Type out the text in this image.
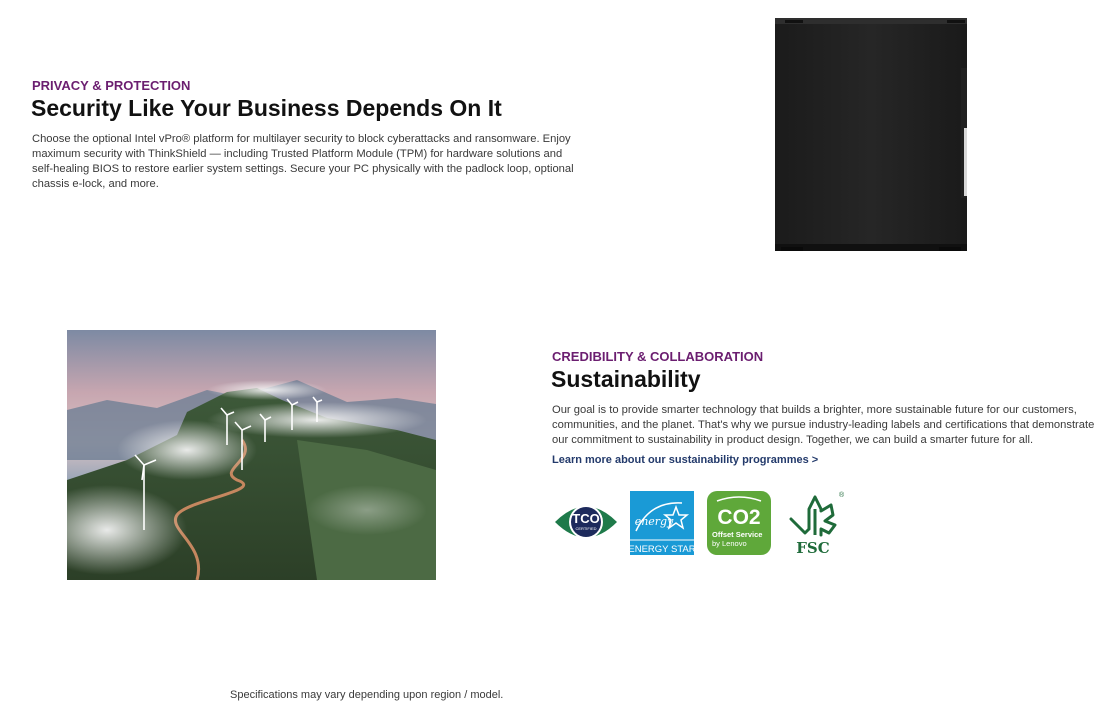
PRIVACY & PROTECTION
Security Like Your Business Depends On It

Choose the optional Intel vPro® platform for multilayer security to block cyberattacks and ransomware. Enjoy maximum security with ThinkShield — including Trusted Platform Module (TPM) for hardware solutions and self-healing BIOS to restore earlier system settings. Secure your PC physically with the padlock loop, optional chassis e-lock, and more.

CREDIBILITY & COLLABORATION
Sustainability

Our goal is to provide smarter technology that builds a brighter, more sustainable future for our customers, communities, and the planet. That's why we pursue industry-leading labels and certifications that demonstrate our commitment to sustainability in product design. Together, we can build a smarter future for all.

Learn more about our sustainability programmes >
TCO
CERTIFIED
energy
ENERGY STAR
CO2
Offset Service
by Lenovo	FSC
®
Specifications may vary depending upon region / model.
